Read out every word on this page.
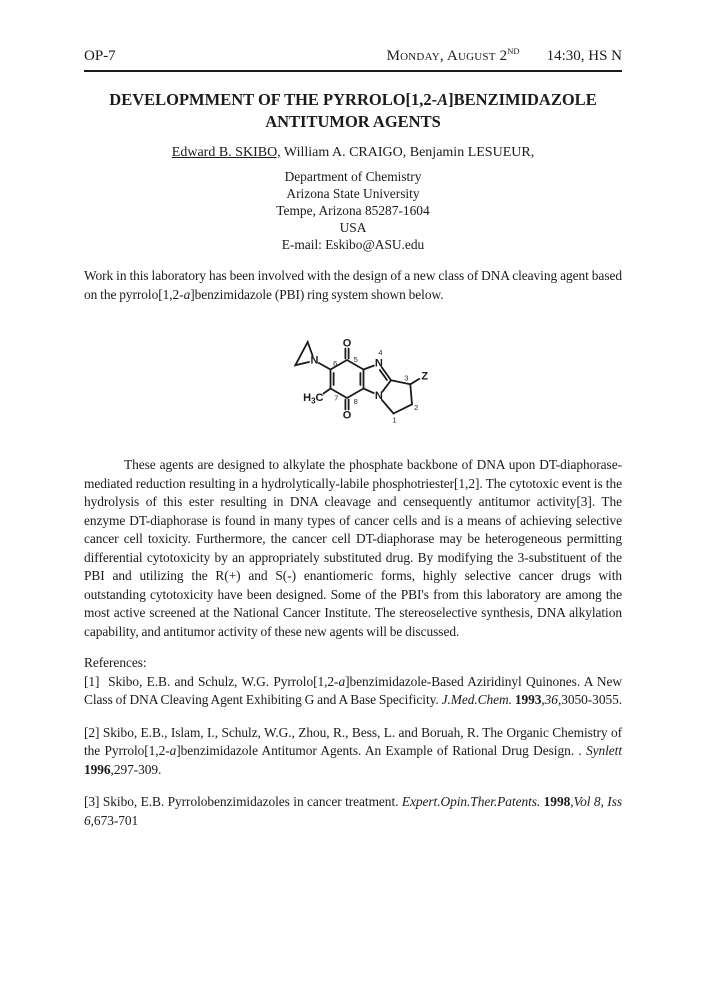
OP-7	Monday, August 2ND 14:30, HS N
DEVELOPMMENT OF THE PYRROLO[1,2-A]BENZIMIDAZOLE ANTITUMOR AGENTS

Edward B. SKIBO, William A. CRAIGO, Benjamin LESUEUR,

Department of Chemistry
Arizona State University
Tempe, Arizona 85287-1604
USA
E-mail: Eskibo@ASU.edu

Work in this laboratory has been involved with the design of a new class of DNA cleaving agent based on the pyrrolo[1,2-a]benzimidazole (PBI) ring system shown below.

N
O
O
N
N
Z
$H_3C$
1
2
3
4
5
6
7 8

These agents are designed to alkylate the phosphate backbone of DNA upon DT-diaphorase-mediated reduction resulting in a hydrolytically-labile phosphotriester[1,2]. The cytotoxic event is the hydrolysis of this ester resulting in DNA cleavage and censequently antitumor activity[3]. The enzyme DT-diaphorase is found in many types of cancer cells and is a means of achieving selective cancer cell toxicity. Furthermore, the cancer cell DT-diaphorase may be heterogeneous permitting differential cytotoxicity by an appropriately substituted drug. By modifying the 3-substituent of the PBI and utilizing the R(+) and S(-) enantiomeric forms, highly selective cancer drugs with outstanding cytotoxicity have been designed. Some of the PBI's from this laboratory are among the most active screened at the National Cancer Institute. The stereoselective synthesis, DNA alkylation capability, and antitumor activity of these new agents will be discussed.

References:

[1]  Skibo, E.B. and Schulz, W.G. Pyrrolo[1,2-a]benzimidazole-Based Aziridinyl Quinones. A New Class of DNA Cleaving Agent Exhibiting G and A Base Specificity. J.Med.Chem. 1993,36,3050-3055.

[2] Skibo, E.B., Islam, I., Schulz, W.G., Zhou, R., Bess, L. and Boruah, R. The Organic Chemistry of the Pyrrolo[1,2-a]benzimidazole Antitumor Agents. An Example of Rational Drug Design. . Synlett 1996,297-309.

[3] Skibo, E.B. Pyrrolobenzimidazoles in cancer treatment. Expert.Opin.Ther.Patents. 1998,Vol 8, Iss 6,673-701
